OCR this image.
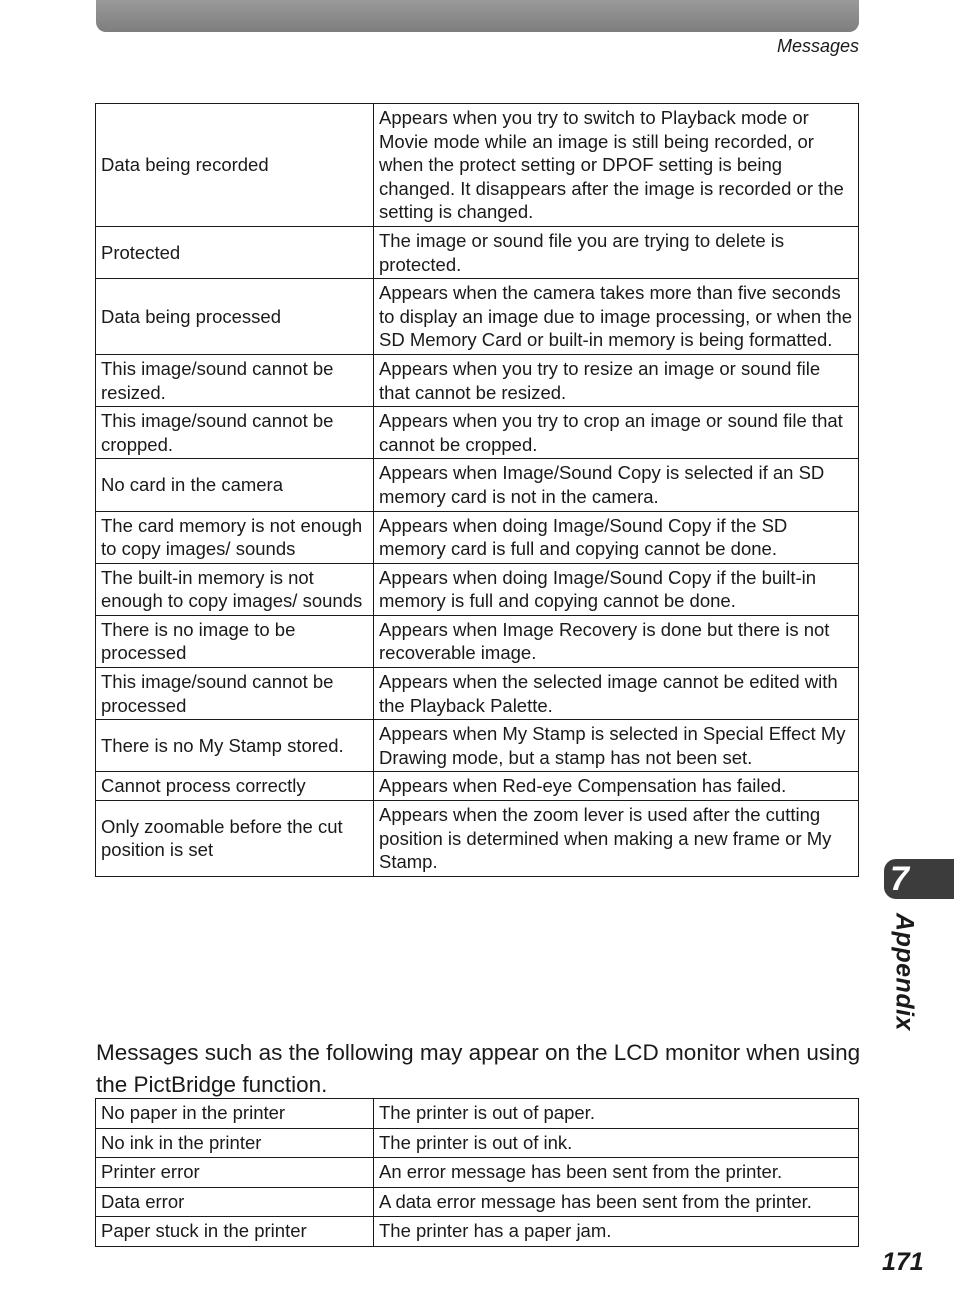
Messages
Data being recorded	Appears when you try to switch to Playback mode or Movie mode while an image is still being recorded, or when the protect setting or DPOF setting is being changed. It disappears after the image is recorded or the setting is changed.
Protected	The image or sound file you are trying to delete is protected.
Data being processed	Appears when the camera takes more than five seconds to display an image due to image processing, or when the SD Memory Card or built-in memory is being formatted.
This image/sound cannot be resized.	Appears when you try to resize an image or sound file that cannot be resized.
This image/sound cannot be cropped.	Appears when you try to crop an image or sound file that cannot be cropped.
No card in the camera	Appears when Image/Sound Copy is selected if an SD memory card is not in the camera.
The card memory is not enough to copy images/ sounds	Appears when doing Image/Sound Copy if the SD memory card is full and copying cannot be done.
The built-in memory is not enough to copy images/ sounds	Appears when doing Image/Sound Copy if the built-in memory is full and copying cannot be done.
There is no image to be processed	Appears when Image Recovery is done but there is not recoverable image.
This image/sound cannot be processed	Appears when the selected image cannot be edited with the Playback Palette.
There is no My Stamp stored.	Appears when My Stamp is selected in Special Effect My Drawing mode, but a stamp has not been set.
Cannot process correctly	Appears when Red-eye Compensation has failed.
Only zoomable before the cut position is set	Appears when the zoom lever is used after the cutting position is determined when making a new frame or My Stamp.

Messages such as the following may appear on the LCD monitor when using the PictBridge function.

No paper in the printer	The printer is out of paper.
No ink in the printer	The printer is out of ink.
Printer error	An error message has been sent from the printer.
Data error	A data error message has been sent from the printer.
Paper stuck in the printer	The printer has a paper jam.
7
Appendix
171
